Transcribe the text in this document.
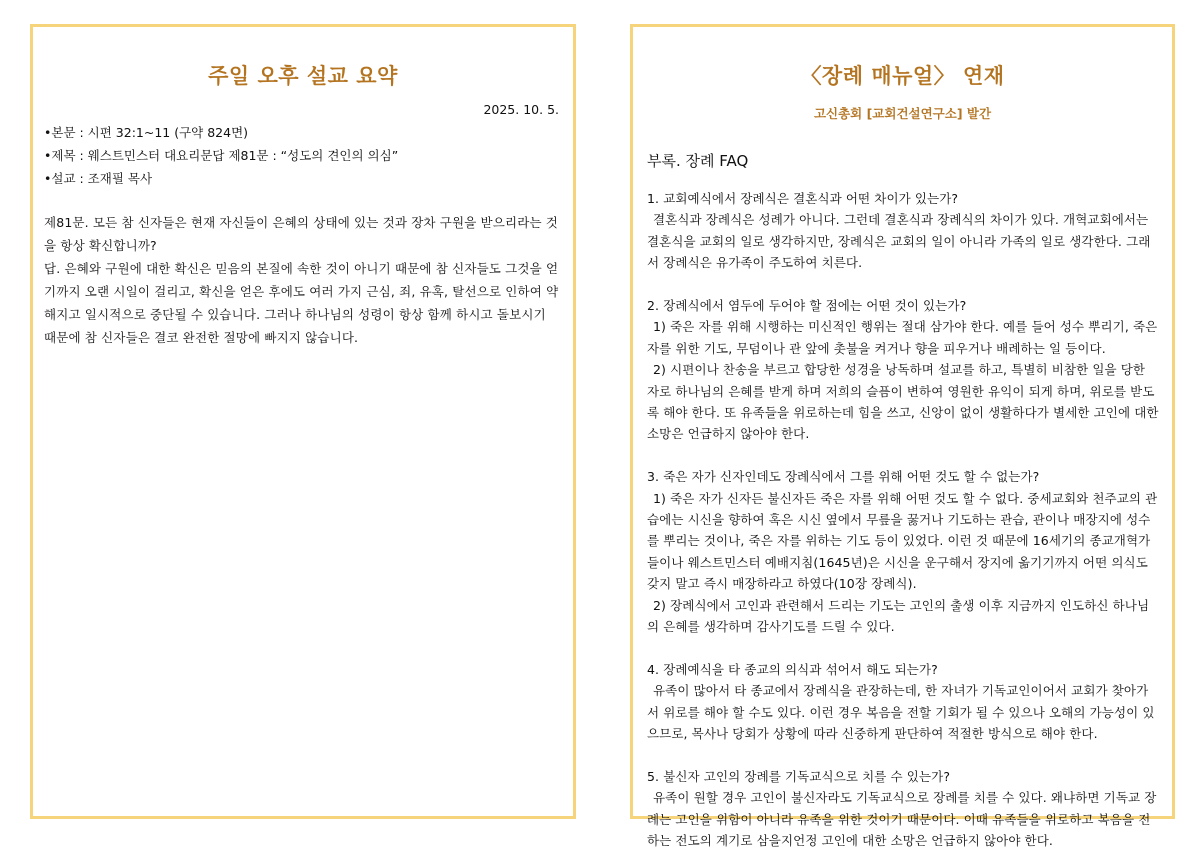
주일 오후 설교 요약
2025. 10. 5.
•본문 : 시편 32:1~11 (구약 824면)
•제목 : 웨스트민스터 대요리문답 제81문 : “성도의 견인의 의심”
•설교 : 조재필 목사
제81문. 모든 참 신자들은 현재 자신들이 은혜의 상태에 있는 것과 장차 구원을 받으리라는 것을 항상 확신합니까?
답. 은혜와 구원에 대한 확신은 믿음의 본질에 속한 것이 아니기 때문에 참 신자들도 그것을 얻기까지 오랜 시일이 걸리고, 확신을 얻은 후에도 여러 가지 근심, 죄, 유혹, 탈선으로 인하여 약해지고 일시적으로 중단될 수 있습니다. 그러나 하나님의 성령이 항상 함께 하시고 돌보시기 때문에 참 신자들은 결코 완전한 절망에 빠지지 않습니다.
〈장례 매뉴얼〉 연재
고신총회 [교회건설연구소] 발간
부록. 장례 FAQ
1. 교회예식에서 장례식은 결혼식과 어떤 차이가 있는가?
결혼식과 장례식은 성례가 아니다. 그런데 결혼식과 장례식의 차이가 있다. 개혁교회에서는 결혼식을 교회의 일로 생각하지만, 장례식은 교회의 일이 아니라 가족의 일로 생각한다. 그래서 장례식은 유가족이 주도하여 치른다.
2. 장례식에서 염두에 두어야 할 점에는 어떤 것이 있는가?
1) 죽은 자를 위해 시행하는 미신적인 행위는 절대 삼가야 한다. 예를 들어 성수 뿌리기, 죽은 자를 위한 기도, 무덤이나 관 앞에 촛불을 켜거나 향을 피우거나 배례하는 일 등이다.
2) 시편이나 찬송을 부르고 합당한 성경을 낭독하며 설교를 하고, 특별히 비참한 일을 당한 자로 하나님의 은혜를 받게 하며 저희의 슬픔이 변하여 영원한 유익이 되게 하며, 위로를 받도록 해야 한다. 또 유족들을 위로하는데 힘을 쓰고, 신앙이 없이 생활하다가 별세한 고인에 대한 소망은 언급하지 않아야 한다.
3. 죽은 자가 신자인데도 장례식에서 그를 위해 어떤 것도 할 수 없는가?
1) 죽은 자가 신자든 불신자든 죽은 자를 위해 어떤 것도 할 수 없다. 중세교회와 천주교의 관습에는 시신을 향하여 혹은 시신 옆에서 무릎을 꿇거나 기도하는 관습, 관이나 매장지에 성수를 뿌리는 것이나, 죽은 자를 위하는 기도 등이 있었다. 이런 것 때문에 16세기의 종교개혁가들이나 웨스트민스터 예배지침(1645년)은 시신을 운구해서 장지에 옮기기까지 어떤 의식도 갖지 말고 즉시 매장하라고 하였다(10장 장례식).
2) 장례식에서 고인과 관련해서 드리는 기도는 고인의 출생 이후 지금까지 인도하신 하나님의 은혜를 생각하며 감사기도를 드릴 수 있다.
4. 장례예식을 타 종교의 의식과 섞어서 해도 되는가?
유족이 많아서 타 종교에서 장례식을 관장하는데, 한 자녀가 기독교인이어서 교회가 찾아가서 위로를 해야 할 수도 있다. 이런 경우 복음을 전할 기회가 될 수 있으나 오해의 가능성이 있으므로, 목사나 당회가 상황에 따라 신중하게 판단하여 적절한 방식으로 해야 한다.
5. 불신자 고인의 장례를 기독교식으로 치를 수 있는가?
유족이 원할 경우 고인이 불신자라도 기독교식으로 장례를 치를 수 있다. 왜냐하면 기독교 장례는 고인을 위함이 아니라 유족을 위한 것이기 때문이다. 이때 유족들을 위로하고 복음을 전하는 전도의 계기로 삼을지언정 고인에 대한 소망은 언급하지 않아야 한다.
